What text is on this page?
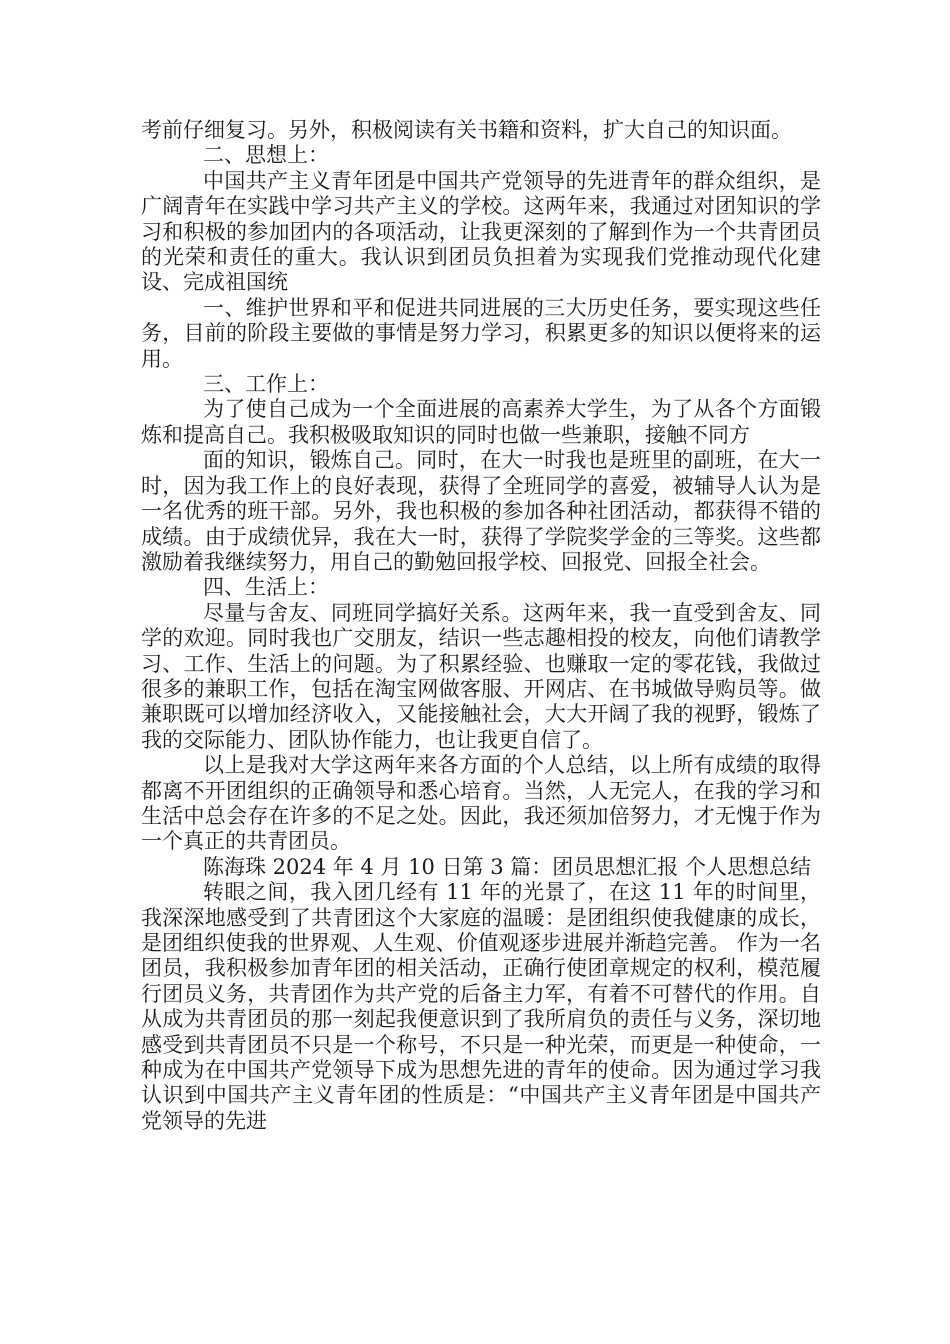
考前仔细复习。另外，积极阅读有关书籍和资料，扩大自己的知识面。

二、思想上：

中国共产主义青年团是中国共产党领导的先进青年的群众组织，是广阔青年在实践中学习共产主义的学校。这两年来，我通过对团知识的学习和积极的参加团内的各项活动，让我更深刻的了解到作为一个共青团员的光荣和责任的重大。我认识到团员负担着为实现我们党推动现代化建设、完成祖国统

一、维护世界和平和促进共同进展的三大历史任务，要实现这些任务，目前的阶段主要做的事情是努力学习，积累更多的知识以便将来的运用。

三、工作上：

为了使自己成为一个全面进展的高素养大学生，为了从各个方面锻炼和提高自己。我积极吸取知识的同时也做一些兼职，接触不同方

面的知识，锻炼自己。同时，在大一时我也是班里的副班，在大一时，因为我工作上的良好表现，获得了全班同学的喜爱，被辅导人认为是一名优秀的班干部。另外，我也积极的参加各种社团活动，都获得不错的成绩。由于成绩优异，我在大一时，获得了学院奖学金的三等奖。这些都激励着我继续努力，用自己的勤勉回报学校、回报党、回报全社会。

四、生活上：

尽量与舍友、同班同学搞好关系。这两年来，我一直受到舍友、同学的欢迎。同时我也广交朋友，结识一些志趣相投的校友，向他们请教学习、工作、生活上的问题。为了积累经验、也赚取一定的零花钱，我做过很多的兼职工作，包括在淘宝网做客服、开网店、在书城做导购员等。做兼职既可以增加经济收入，又能接触社会，大大开阔了我的视野，锻炼了我的交际能力、团队协作能力，也让我更自信了。

以上是我对大学这两年来各方面的个人总结，以上所有成绩的取得都离不开团组织的正确领导和悉心培育。当然，人无完人，在我的学习和生活中总会存在许多的不足之处。因此，我还须加倍努力，才无愧于作为一个真正的共青团员。

陈海珠 2024 年 4 月 10 日第 3 篇：团员思想汇报 个人思想总结

转眼之间，我入团几经有 11 年的光景了，在这 11 年的时间里，我深深地感受到了共青团这个大家庭的温暖：是团组织使我健康的成长，是团组织使我的世界观、人生观、价值观逐步进展并渐趋完善。 作为一名团员，我积极参加青年团的相关活动，正确行使团章规定的权利，模范履行团员义务，共青团作为共产党的后备主力军，有着不可替代的作用。自从成为共青团员的那一刻起我便意识到了我所肩负的责任与义务，深切地感受到共青团员不只是一个称号，不只是一种光荣，而更是一种使命，一种成为在中国共产党领导下成为思想先进的青年的使命。因为通过学习我认识到中国共产主义青年团的性质是：“中国共产主义青年团是中国共产党领导的先进
